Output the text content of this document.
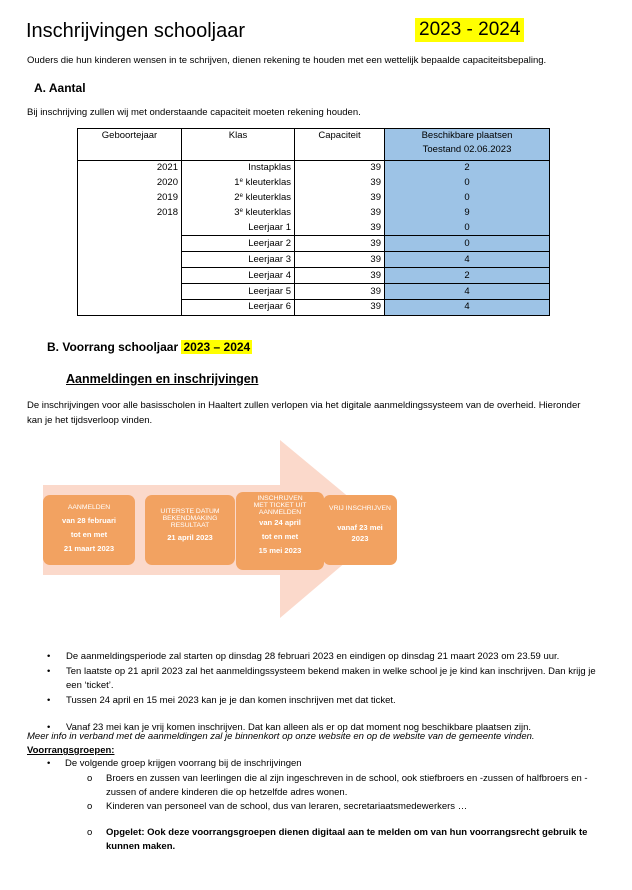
Inschrijvingen schooljaar	2023 - 2024
Ouders die hun kinderen wensen in te schrijven, dienen rekening te houden met een wettelijk bepaalde capaciteitsbepaling.
A. Aantal
Bij inschrijving zullen wij met onderstaande capaciteit moeten rekening houden.
Geboortejaar	Klas	Capaciteit	Beschikbare plaatsen
Toestand 02.06.2023

2021	Instapklas	39	2
2020	1e kleuterklas	39	0
2019	2e kleuterklas	39	0
2018	3e kleuterklas	39	9
	Leerjaar 1	39	0
	Leerjaar 2	39	0
	Leerjaar 3	39	4
	Leerjaar 4	39	2
	Leerjaar 5	39	4
	Leerjaar 6	39	4
B. Voorrang schooljaar 2023 – 2024
Aanmeldingen en inschrijvingen
De inschrijvingen voor alle basisscholen in Haaltert zullen verlopen via het digitale aanmeldingssysteem van de overheid. Hieronder kan je het tijdsverloop vinden.
AANMELDEN
van 28 februari
tot en met
21 maart 2023
UITERSTE DATUM BEKENDMAKING RESULTAAT
21 april 2023
INSCHRIJVEN MET TICKET UIT AANMELDEN
van 24 april
tot en met
15 mei 2023
VRIJ INSCHRIJVEN
vanaf 23 mei
2023
• De aanmeldingsperiode zal starten op dinsdag 28 februari 2023 en eindigen op dinsdag 21 maart 2023 om 23.59 uur.
• Ten laatste op 21 april 2023 zal het aanmeldingssysteem bekend maken in welke school je je kind kan inschrijven. Dan krijg je een ‘ticket’.
• Tussen 24 april en 15 mei 2023 kan je je dan komen inschrijven met dat ticket.
• Vanaf 23 mei kan je vrij komen inschrijven. Dat kan alleen als er op dat moment nog beschikbare plaatsen zijn.
Meer info in verband met de aanmeldingen zal je binnenkort op onze website en op de website van de gemeente vinden.
Voorrangsgroepen:
• De volgende groep krijgen voorrang bij de inschrijvingen
o Broers en zussen van leerlingen die al zijn ingeschreven in de school, ook stiefbroers en -zussen of halfbroers en -zussen of andere kinderen die op hetzelfde adres wonen.
o Kinderen van personeel van de school, dus van leraren, secretariaatsmedewerkers …
o Opgelet: Ook deze voorrangsgroepen dienen digitaal aan te melden om van hun voorrangsrecht gebruik te kunnen maken.
